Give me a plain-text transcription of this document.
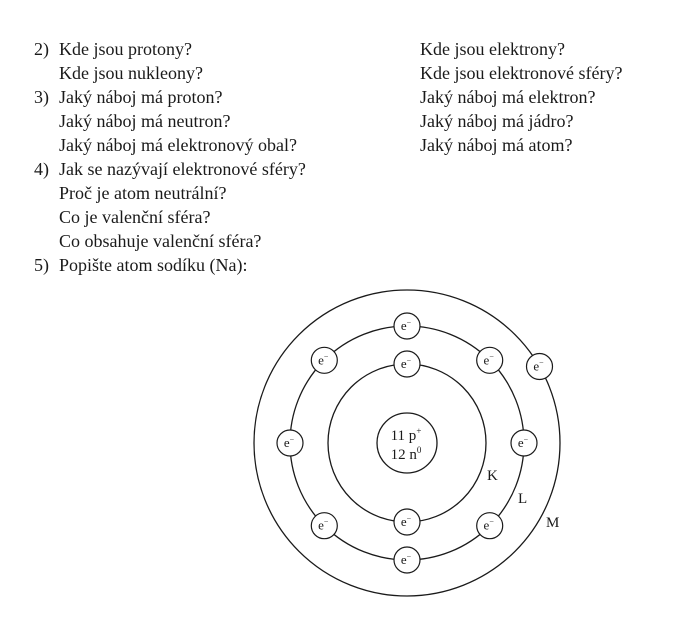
2) Kde jsou protony?
Kde jsou nukleony?
Kde jsou elektrony?
Kde jsou elektronové sféry?
3) Jaký náboj má proton?
Jaký náboj má neutron?
Jaký náboj má elektronový obal?
Jaký náboj má elektron?
Jaký náboj má jádro?
Jaký náboj má atom?
4) Jak se nazývají elektronové sféry?
Proč je atom neutrální?
Co je valenční sféra?
Co obsahuje valenční sféra?
5) Popište atom sodíku (Na):
11 p+
12 $n^0$
K
L
M
e−
e−
e−
e−
e−
e−
e−
e−
e−
e−
e−
